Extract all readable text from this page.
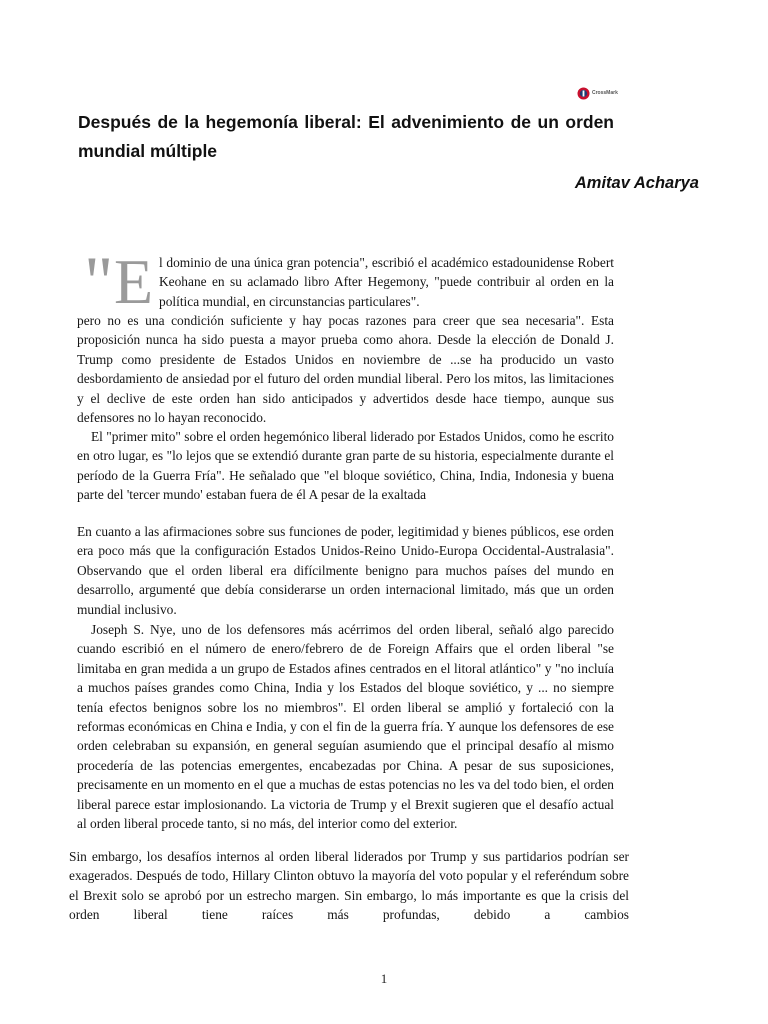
CrossMark
Después de la hegemonía liberal: El advenimiento de un orden mundial múltiple
Amitav Acharya
" E l dominio de una única gran potencia", escribió el académico estadounidense Robert Keohane en su aclamado libro After Hegemony, "puede contribuir al orden en la política mundial, en circunstancias particulares".

pero no es una condición suficiente y hay pocas razones para creer que sea necesaria". Esta proposición nunca ha sido puesta a mayor prueba como ahora. Desde la elección de Donald J. Trump como presidente de Estados Unidos en noviembre de ...se ha producido un vasto desbordamiento de ansiedad por el futuro del orden mundial liberal. Pero los mitos, las limitaciones y el declive de este orden han sido anticipados y advertidos desde hace tiempo, aunque sus defensores no lo hayan reconocido.

El "primer mito" sobre el orden hegemónico liberal liderado por Estados Unidos, como he escrito en otro lugar, es "lo lejos que se extendió durante gran parte de su historia, especialmente durante el período de la Guerra Fría". He señalado que "el bloque soviético, China, India, Indonesia y buena parte del 'tercer mundo' estaban fuera de él A pesar de la exaltada

En cuanto a las afirmaciones sobre sus funciones de poder, legitimidad y bienes públicos, ese orden era poco más que la configuración Estados Unidos-Reino Unido-Europa Occidental-Australasia". Observando que el orden liberal era difícilmente benigno para muchos países del mundo en desarrollo, argumenté que debía considerarse un orden internacional limitado, más que un orden mundial inclusivo.

Joseph S. Nye, uno de los defensores más acérrimos del orden liberal, señaló algo parecido cuando escribió en el número de enero/febrero de de Foreign Affairs que el orden liberal "se limitaba en gran medida a un grupo de Estados afines centrados en el litoral atlántico" y "no incluía a muchos países grandes como China, India y los Estados del bloque soviético, y ... no siempre tenía efectos benignos sobre los no miembros". El orden liberal se amplió y fortaleció con la reformas económicas en China e India, y con el fin de la guerra fría. Y aunque los defensores de ese orden celebraban su expansión, en general seguían asumiendo que el principal desafío al mismo procedería de las potencias emergentes, encabezadas por China. A pesar de sus suposiciones, precisamente en un momento en el que a muchas de estas potencias no les va del todo bien, el orden liberal parece estar implosionando. La victoria de Trump y el Brexit sugieren que el desafío actual al orden liberal procede tanto, si no más, del interior como del exterior.

Sin embargo, los desafíos internos al orden liberal liderados por Trump y sus partidarios podrían ser exagerados. Después de todo, Hillary Clinton obtuvo la mayoría del voto popular y el referéndum sobre el Brexit solo se aprobó por un estrecho margen. Sin embargo, lo más importante es que la crisis del orden liberal tiene raíces más profundas, debido a cambios

1
